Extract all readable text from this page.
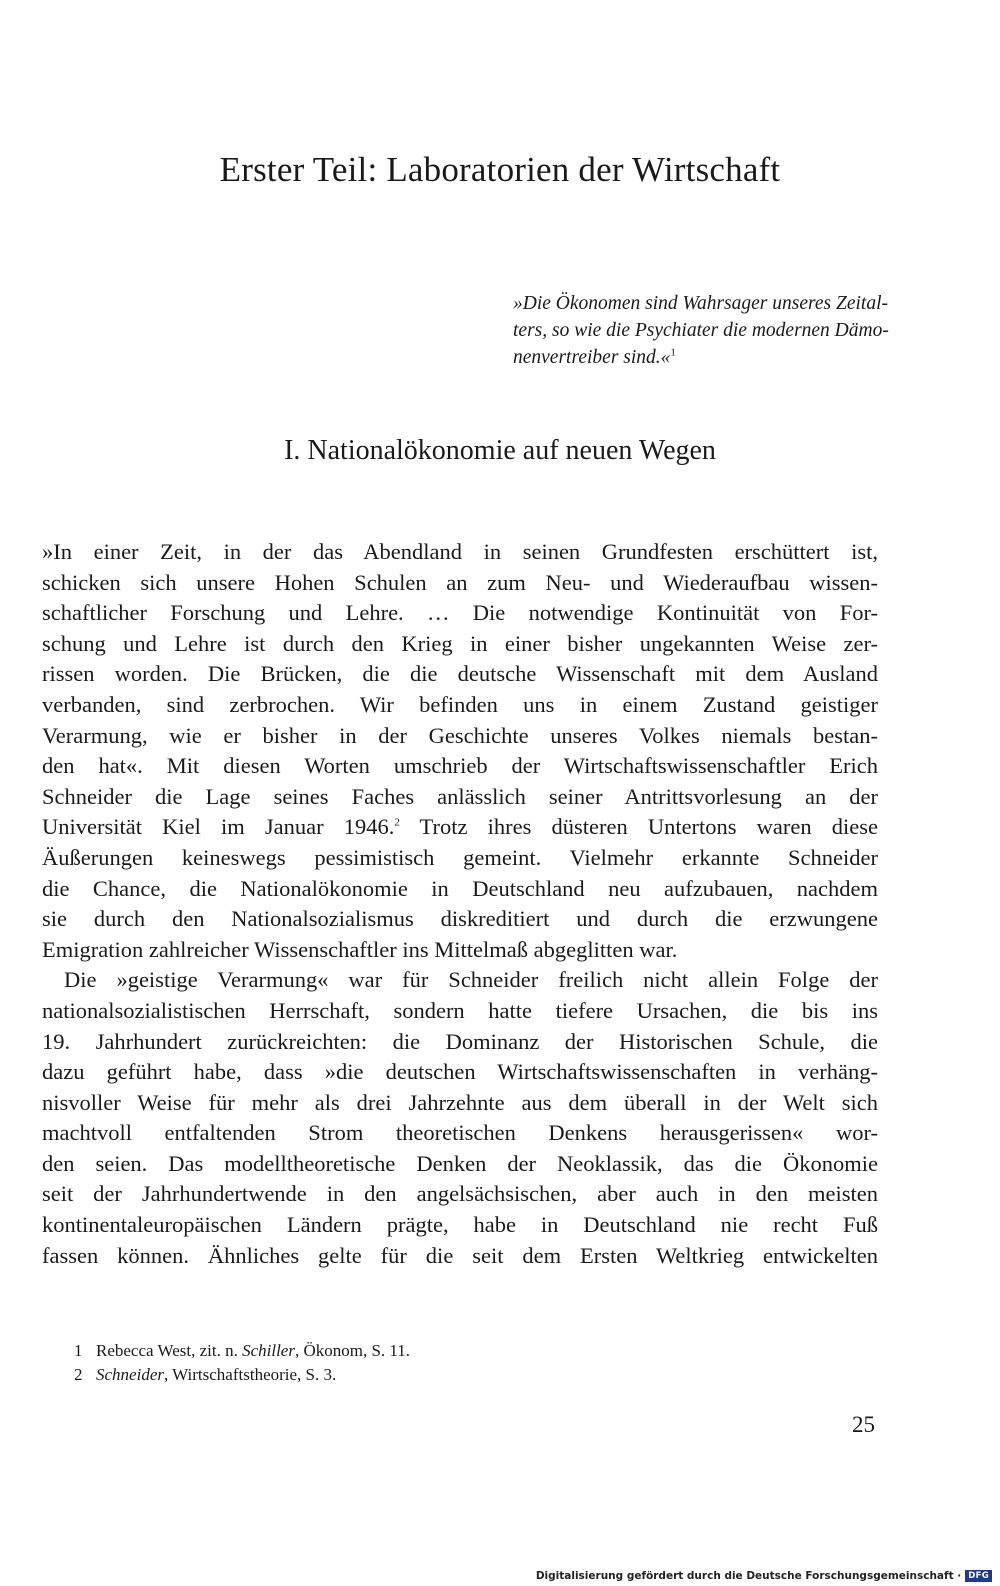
Erster Teil: Laboratorien der Wirtschaft

»Die Ökonomen sind Wahrsager unseres Zeital-
ters, so wie die Psychiater die modernen Dämo-
nenvertreiber sind.«$^1$

I. Nationalökonomie auf neuen Wegen
»In einer Zeit, in der das Abendland in seinen Grundfesten erschüttert ist,
schicken sich unsere Hohen Schulen an zum Neu- und Wiederaufbau wissen-
schaftlicher Forschung und Lehre. … Die notwendige Kontinuität von For-
schung und Lehre ist durch den Krieg in einer bisher ungekannten Weise zer-
rissen worden. Die Brücken, die die deutsche Wissenschaft mit dem Ausland
verbanden, sind zerbrochen. Wir befinden uns in einem Zustand geistiger
Verarmung, wie er bisher in der Geschichte unseres Volkes niemals bestan-
den hat«. Mit diesen Worten umschrieb der Wirtschaftswissenschaftler Erich
Schneider die Lage seines Faches anlässlich seiner Antrittsvorlesung an der
Universität Kiel im Januar 1946.$^2$ Trotz ihres düsteren Untertons waren diese
Äußerungen keineswegs pessimistisch gemeint. Vielmehr erkannte Schneider
die Chance, die Nationalökonomie in Deutschland neu aufzubauen, nachdem
sie durch den Nationalsozialismus diskreditiert und durch die erzwungene
Emigration zahlreicher Wissenschaftler ins Mittelmaß abgeglitten war.
Die »geistige Verarmung« war für Schneider freilich nicht allein Folge der
nationalsozialistischen Herrschaft, sondern hatte tiefere Ursachen, die bis ins
19. Jahrhundert zurückreichten: die Dominanz der Historischen Schule, die
dazu geführt habe, dass »die deutschen Wirtschaftswissenschaften in verhäng-
nisvoller Weise für mehr als drei Jahrzehnte aus dem überall in der Welt sich
machtvoll entfaltenden Strom theoretischen Denkens herausgerissen« wor-
den seien. Das modelltheoretische Denken der Neoklassik, das die Ökonomie
seit der Jahrhundertwende in den angelsächsischen, aber auch in den meisten
kontinentaleuropäischen Ländern prägte, habe in Deutschland nie recht Fuß
fassen können. Ähnliches gelte für die seit dem Ersten Weltkrieg entwickelten
1 Rebecca West, zit. n. Schiller, Ökonom, S. 11.
2 Schneider, Wirtschaftstheorie, S. 3.
25
Digitalisierung gefördert durch die Deutsche Forschungsgemeinschaft · DFG
